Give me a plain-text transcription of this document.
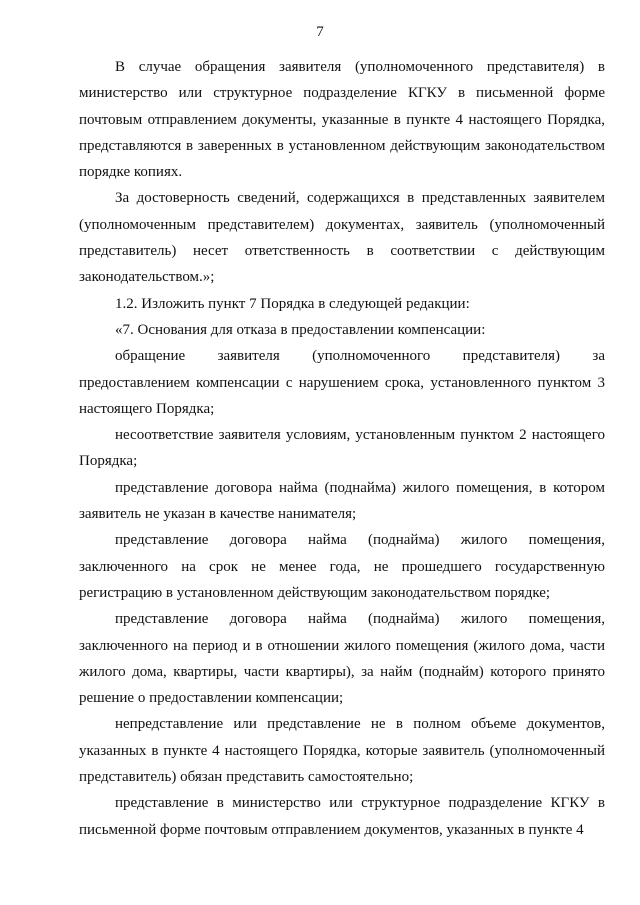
7

В случае обращения заявителя (уполномоченного представителя) в министерство или структурное подразделение КГКУ в письменной форме почтовым отправлением документы, указанные в пункте 4 настоящего Порядка, представляются в заверенных в установленном действующим законодательством порядке копиях.

За достоверность сведений, содержащихся в представленных заявителем (уполномоченным представителем) документах, заявитель (уполномоченный представитель) несет ответственность в соответствии с действующим законодательством.»;

1.2. Изложить пункт 7 Порядка в следующей редакции:

«7. Основания для отказа в предоставлении компенсации:

обращение заявителя (уполномоченного представителя) за предоставлением компенсации с нарушением срока, установленного пунктом 3 настоящего Порядка;

несоответствие заявителя условиям, установленным пунктом 2 настоящего Порядка;

представление договора найма (поднайма) жилого помещения, в котором заявитель не указан в качестве нанимателя;

представление договора найма (поднайма) жилого помещения, заключенного на срок не менее года, не прошедшего государственную регистрацию в установленном действующим законодательством порядке;

представление договора найма (поднайма) жилого помещения, заключенного на период и в отношении жилого помещения (жилого дома, части жилого дома, квартиры, части квартиры), за найм (поднайм) которого принято решение о предоставлении компенсации;

непредставление или представление не в полном объеме документов, указанных в пункте 4 настоящего Порядка, которые заявитель (уполномоченный представитель) обязан представить самостоятельно;

представление в министерство или структурное подразделение КГКУ в письменной форме почтовым отправлением документов, указанных в пункте 4
